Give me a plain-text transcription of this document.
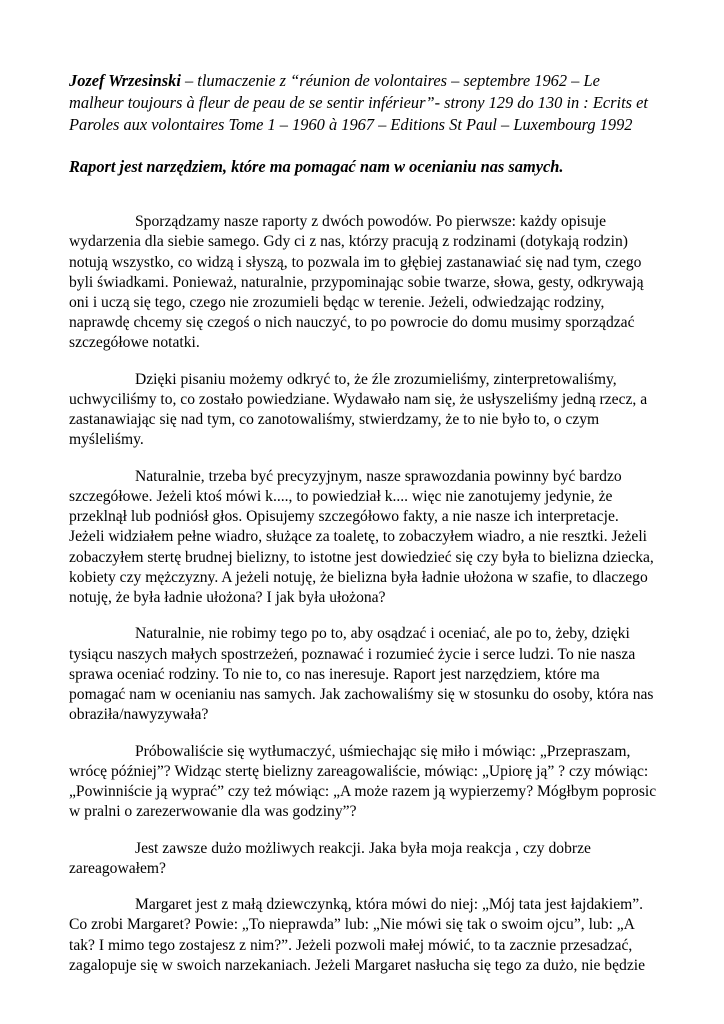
Jozef Wrzesinski – tlumaczenie z “réunion de volontaires – septembre 1962 – Le malheur toujours à fleur de peau de se sentir inférieur”- strony 129 do 130 in : Ecrits et Paroles aux volontaires Tome 1 – 1960 à 1967 – Editions St Paul – Luxembourg 1992

Raport jest narzędziem, które ma pomagać nam w ocenianiu nas samych.

Sporządzamy nasze raporty z dwóch powodów. Po pierwsze: każdy opisuje wydarzenia dla siebie samego. Gdy ci z nas, którzy pracują z rodzinami (dotykają rodzin) notują wszystko, co widzą i słyszą, to pozwala im to głębiej zastanawiać się nad tym, czego byli świadkami. Ponieważ, naturalnie, przypominając sobie twarze, słowa, gesty, odkrywają oni i uczą się tego, czego nie zrozumieli będąc w terenie. Jeżeli, odwiedzając rodziny, naprawdę chcemy się czegoś o nich nauczyć, to po powrocie do domu musimy sporządzać szczegółowe notatki.

Dzięki pisaniu możemy odkryć to, że źle zrozumieliśmy, zinterpretowaliśmy, uchwyciliśmy to, co zostało powiedziane. Wydawało nam się, że usłyszeliśmy jedną rzecz, a zastanawiając się nad tym, co zanotowaliśmy, stwierdzamy, że to nie było to, o czym myśleliśmy.

Naturalnie, trzeba być precyzyjnym, nasze sprawozdania powinny być bardzo szczegółowe. Jeżeli ktoś mówi k...., to powiedział k.... więc nie zanotujemy jedynie, że przeklnął lub podniósł głos. Opisujemy szczegółowo fakty, a nie nasze ich interpretacje. Jeżeli widziałem pełne wiadro, służące za toaletę, to zobaczyłem wiadro, a nie resztki. Jeżeli zobaczyłem stertę brudnej bielizny, to istotne jest dowiedzieć się czy była to bielizna dziecka, kobiety czy mężczyzny. A jeżeli notuję, że bielizna była ładnie ułożona w szafie, to dlaczego notuję, że była ładnie ułożona? I jak była ułożona?

Naturalnie, nie robimy tego po to, aby osądzać i oceniać, ale po to, żeby, dzięki tysiącu naszych małych spostrzeżeń, poznawać i rozumieć życie i serce ludzi. To nie nasza sprawa oceniać rodziny. To nie to, co nas ineresuje. Raport jest narzędziem, które ma pomagać nam w ocenianiu nas samych. Jak zachowaliśmy się w stosunku do osoby, która nas obraziła/nawyzywała?

Próbowaliście się wytłumaczyć, uśmiechając się miło i mówiąc: „Przepraszam, wrócę później”? Widząc stertę bielizny zareagowaliście, mówiąc: „Upiorę ją” ? czy mówiąc: „Powinniście ją wyprać” czy też mówiąc: „A może razem ją wypierzemy? Mógłbym poprosic w pralni o zarezerwowanie dla was godziny”?

Jest zawsze dużo możliwych reakcji. Jaka była moja reakcja , czy dobrze zareagowałem?

Margaret jest z małą dziewczynką, która mówi do niej: „Mój tata jest łajdakiem”. Co zrobi Margaret? Powie: „To nieprawda” lub: „Nie mówi się tak o swoim ojcu”, lub: „A tak? I mimo tego zostajesz z nim?”. Jeżeli pozwoli małej mówić, to ta zacznie przesadzać, zagalopuje się w swoich narzekaniach. Jeżeli Margaret nasłucha się tego za dużo, nie będzie
